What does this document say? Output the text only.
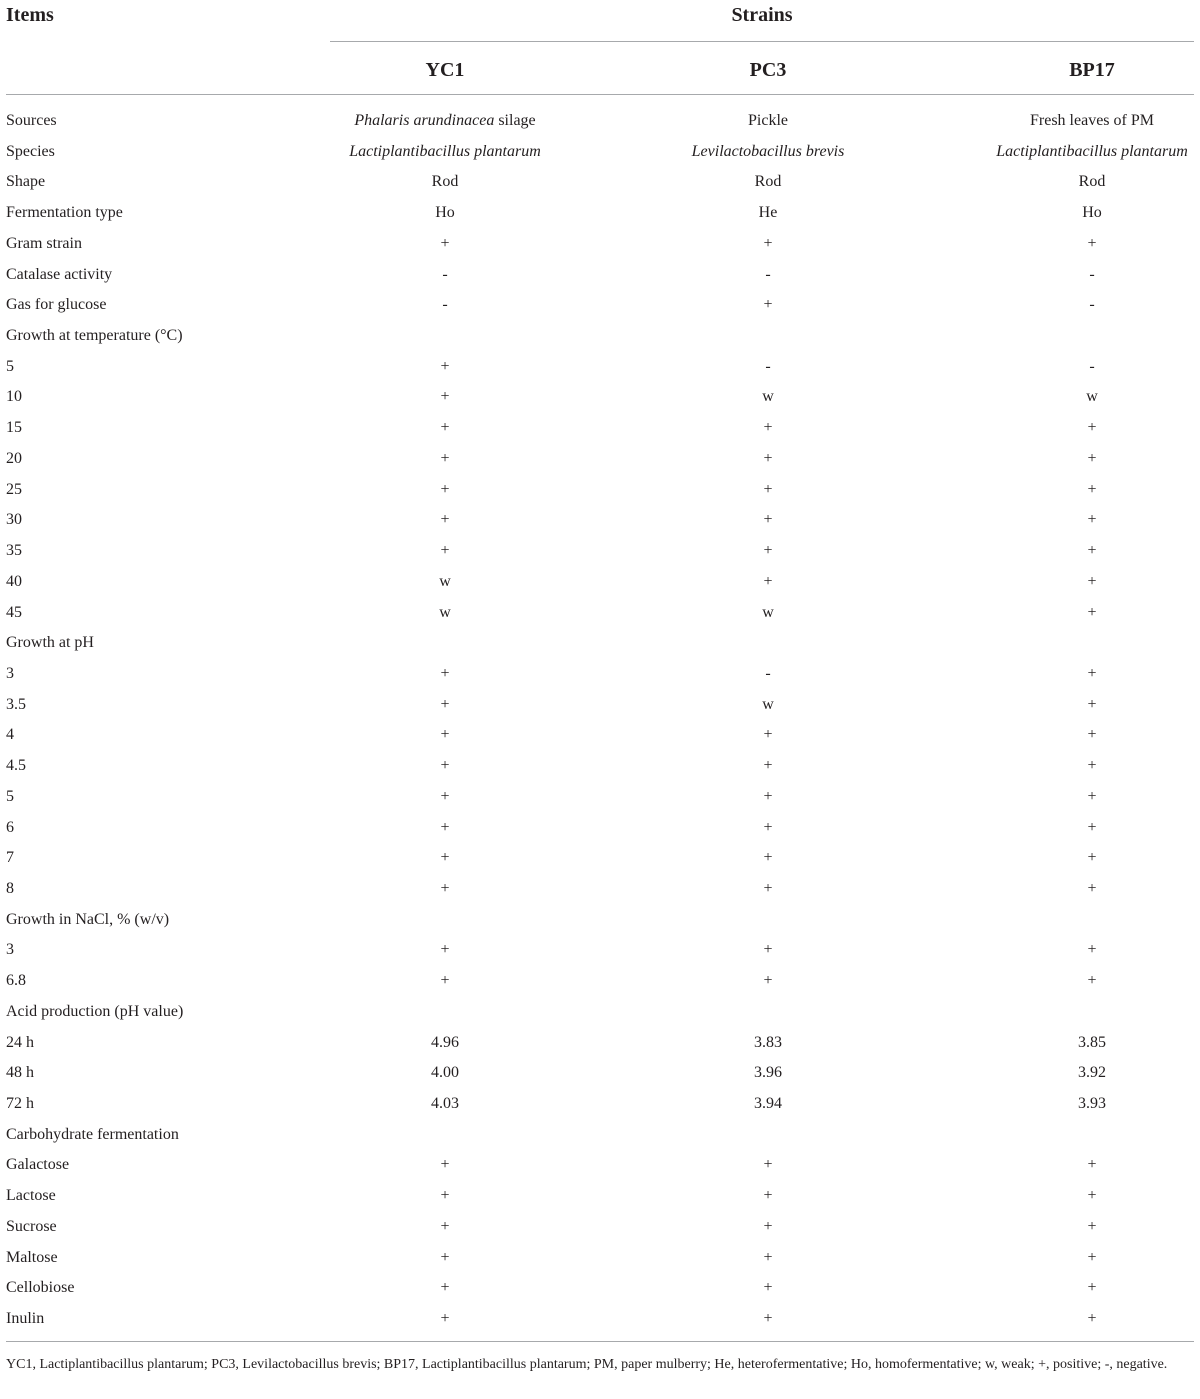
Items	Strains
YC1	PC3	BP17
Sources	Phalaris arundinacea silage	Pickle	Fresh leaves of PM
Species	Lactiplantibacillus plantarum	Levilactobacillus brevis	Lactiplantibacillus plantarum
Shape	Rod	Rod	Rod
Fermentation type	Ho	He	Ho
Gram strain	+	+	+
Catalase activity	-	-	-
Gas for glucose	-	+	-
Growth at temperature (°C)
5	+	-	-
10	+	w	w
15	+	+	+
20	+	+	+
25	+	+	+
30	+	+	+
35	+	+	+
40	w	+	+
45	w	w	+
Growth at pH
3	+	-	+
3.5	+	w	+
4	+	+	+
4.5	+	+	+
5	+	+	+
6	+	+	+
7	+	+	+
8	+	+	+
Growth in NaCl, % (w/v)
3	+	+	+
6.8	+	+	+
Acid production (pH value)
24 h	4.96	3.83	3.85
48 h	4.00	3.96	3.92
72 h	4.03	3.94	3.93
Carbohydrate fermentation
Galactose	+	+	+
Lactose	+	+	+
Sucrose	+	+	+
Maltose	+	+	+
Cellobiose	+	+	+
Inulin	+	+	+
YC1, Lactiplantibacillus plantarum; PC3, Levilactobacillus brevis; BP17, Lactiplantibacillus plantarum; PM, paper mulberry; He, heterofermentative; Ho, homofermentative; w, weak; +, positive; -, negative.
